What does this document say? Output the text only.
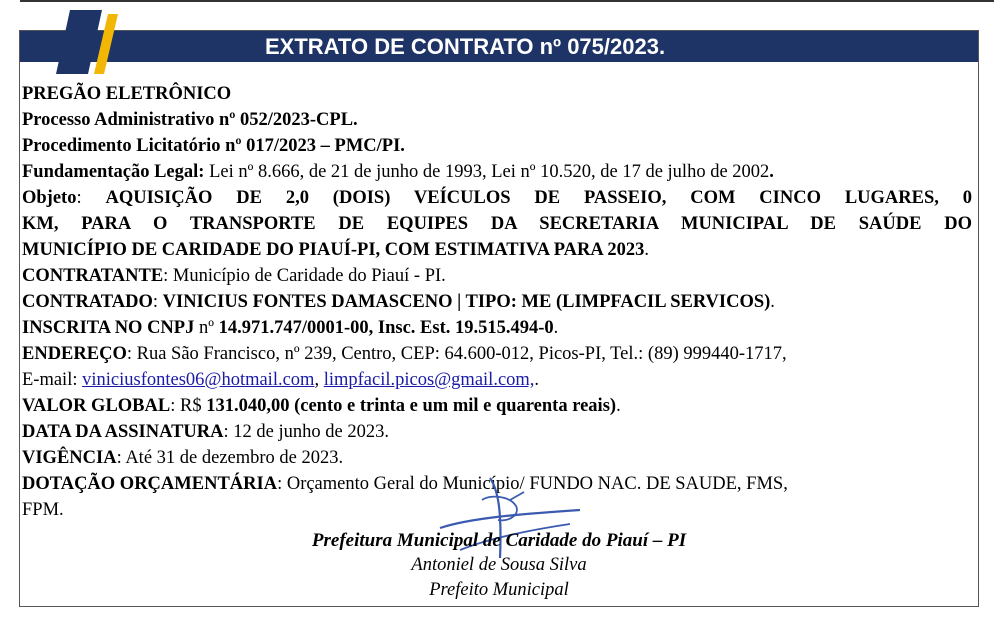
EXTRATO DE CONTRATO nº 075/2023.
PREGÃO ELETRÔNICO
Processo Administrativo nº 052/2023-CPL.
Procedimento Licitatório nº 017/2023 – PMC/PI.
Fundamentação Legal: Lei nº 8.666, de 21 de junho de 1993, Lei nº 10.520, de 17 de julho de 2002.
Objeto: AQUISIÇÃO DE 2,0 (DOIS) VEÍCULOS DE PASSEIO, COM CINCO LUGARES, 0
KM, PARA O TRANSPORTE DE EQUIPES DA SECRETARIA MUNICIPAL DE SAÚDE DO
MUNICÍPIO DE CARIDADE DO PIAUÍ-PI, COM ESTIMATIVA PARA 2023.
CONTRATANTE: Município de Caridade do Piauí - PI.
CONTRATADO: VINICIUS FONTES DAMASCENO | TIPO: ME (LIMPFACIL SERVICOS).
INSCRITA NO CNPJ nº 14.971.747/0001-00, Insc. Est. 19.515.494-0.
ENDEREÇO: Rua São Francisco, nº 239, Centro, CEP: 64.600-012, Picos-PI, Tel.: (89) 999440-1717,
E-mail: viniciusfontes06@hotmail.com, limpfacil.picos@gmail.com,.
VALOR GLOBAL: R$ 131.040,00 (cento e trinta e um mil e quarenta reais).
DATA DA ASSINATURA: 12 de junho de 2023.
VIGÊNCIA: Até 31 de dezembro de 2023.
DOTAÇÃO ORÇAMENTÁRIA: Orçamento Geral do Município/ FUNDO NAC. DE SAUDE, FMS,
FPM.
Prefeitura Municipal de Caridade do Piauí – PI
Antoniel de Sousa Silva
Prefeito Municipal
